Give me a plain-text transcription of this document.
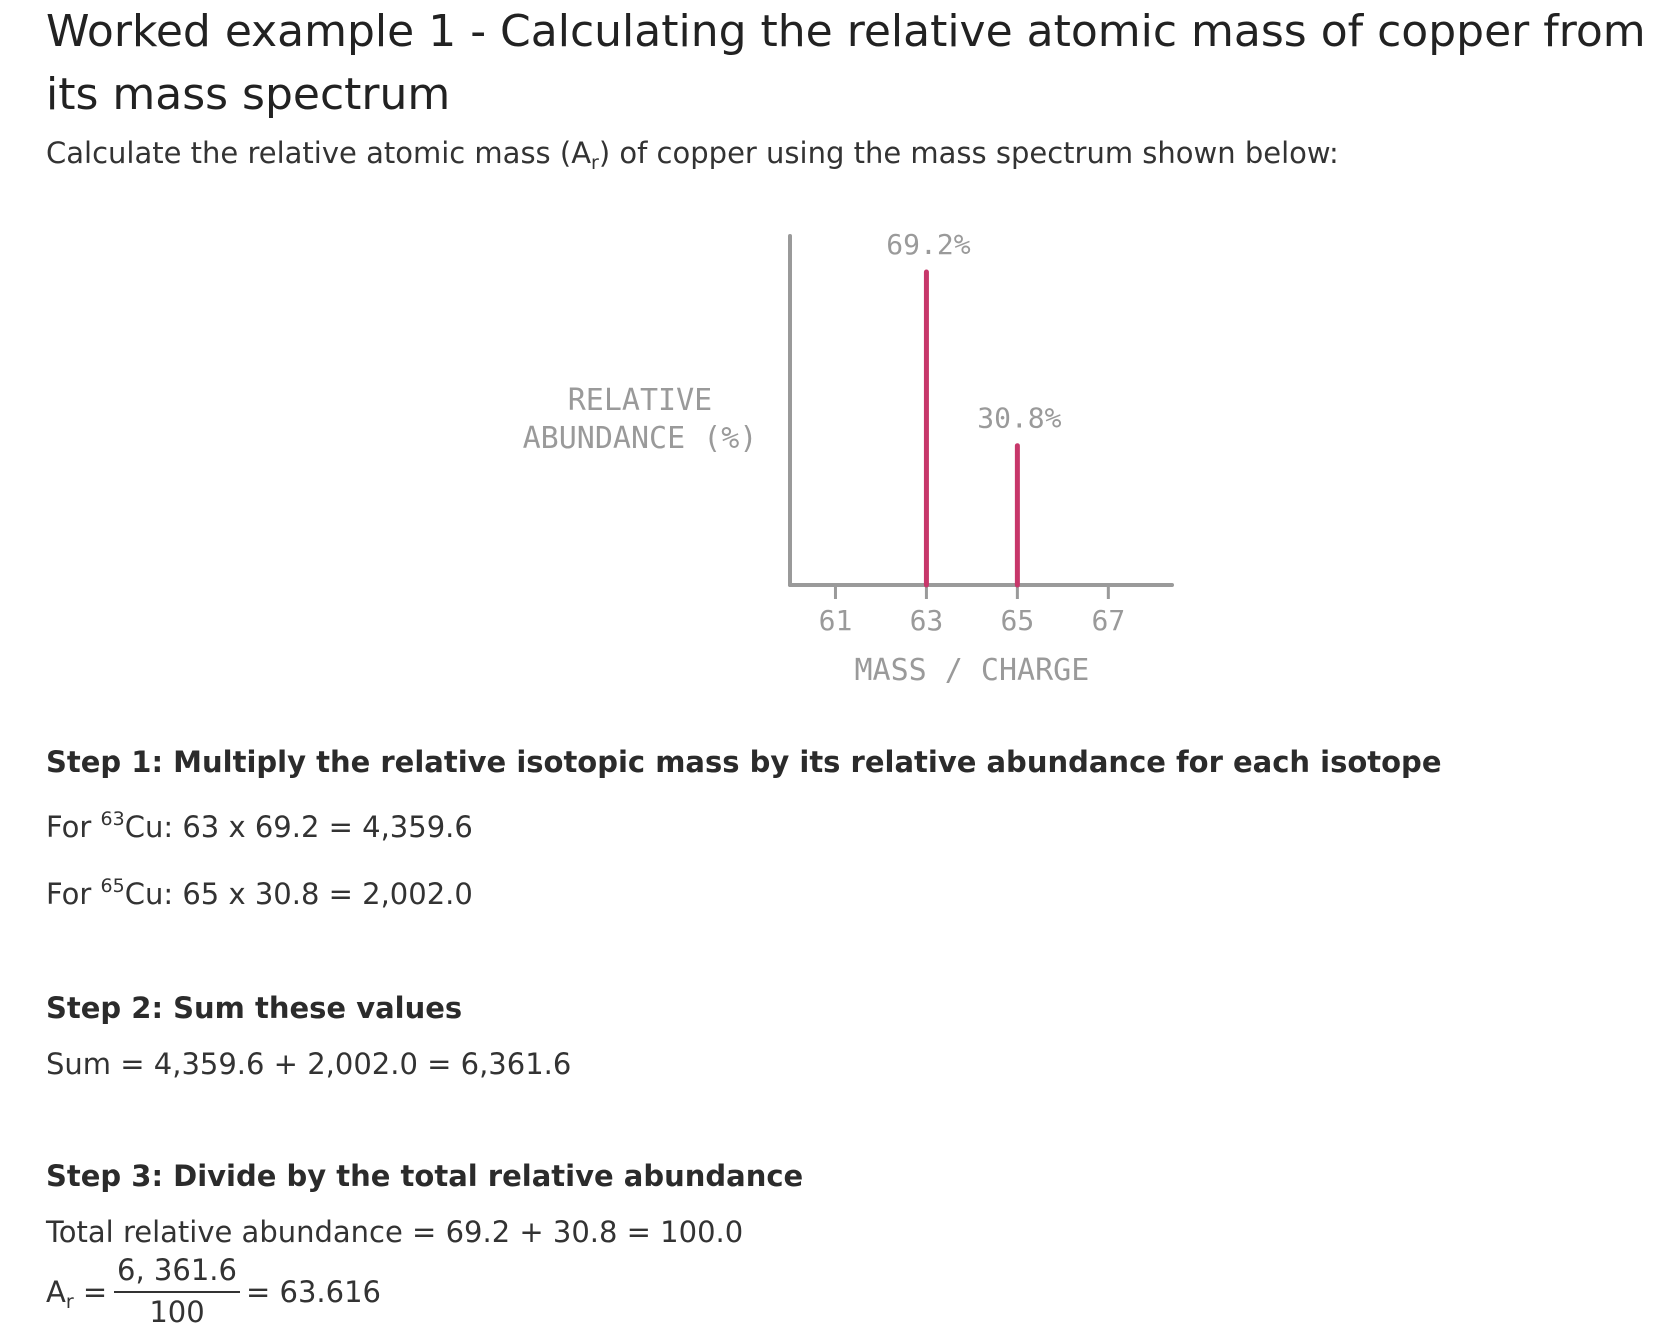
Worked example 1 - Calculating the relative atomic mass of copper from its mass spectrum
Calculate the relative atomic mass $(A_r)$ of copper using the mass spectrum shown below:
61 63 65 67
69.2%
30.8%
MASS / CHARGE
RELATIVE
ABUNDANCE (%)
Step 1: Multiply the relative isotopic mass by its relative abundance for each isotope
For $^{63}$Cu: 63 x 69.2 = 4,359.6
For $^{65}$Cu: 65 x 30.8 = 2,002.0
Step 2: Sum these values
Sum = 4,359.6 + 2,002.0 = 6,361.6
Step 3: Divide by the total relative abundance
Total relative abundance = 69.2 + 30.8 = 100.0
$A_r$ =
6, 361.6
100
= 63.616
